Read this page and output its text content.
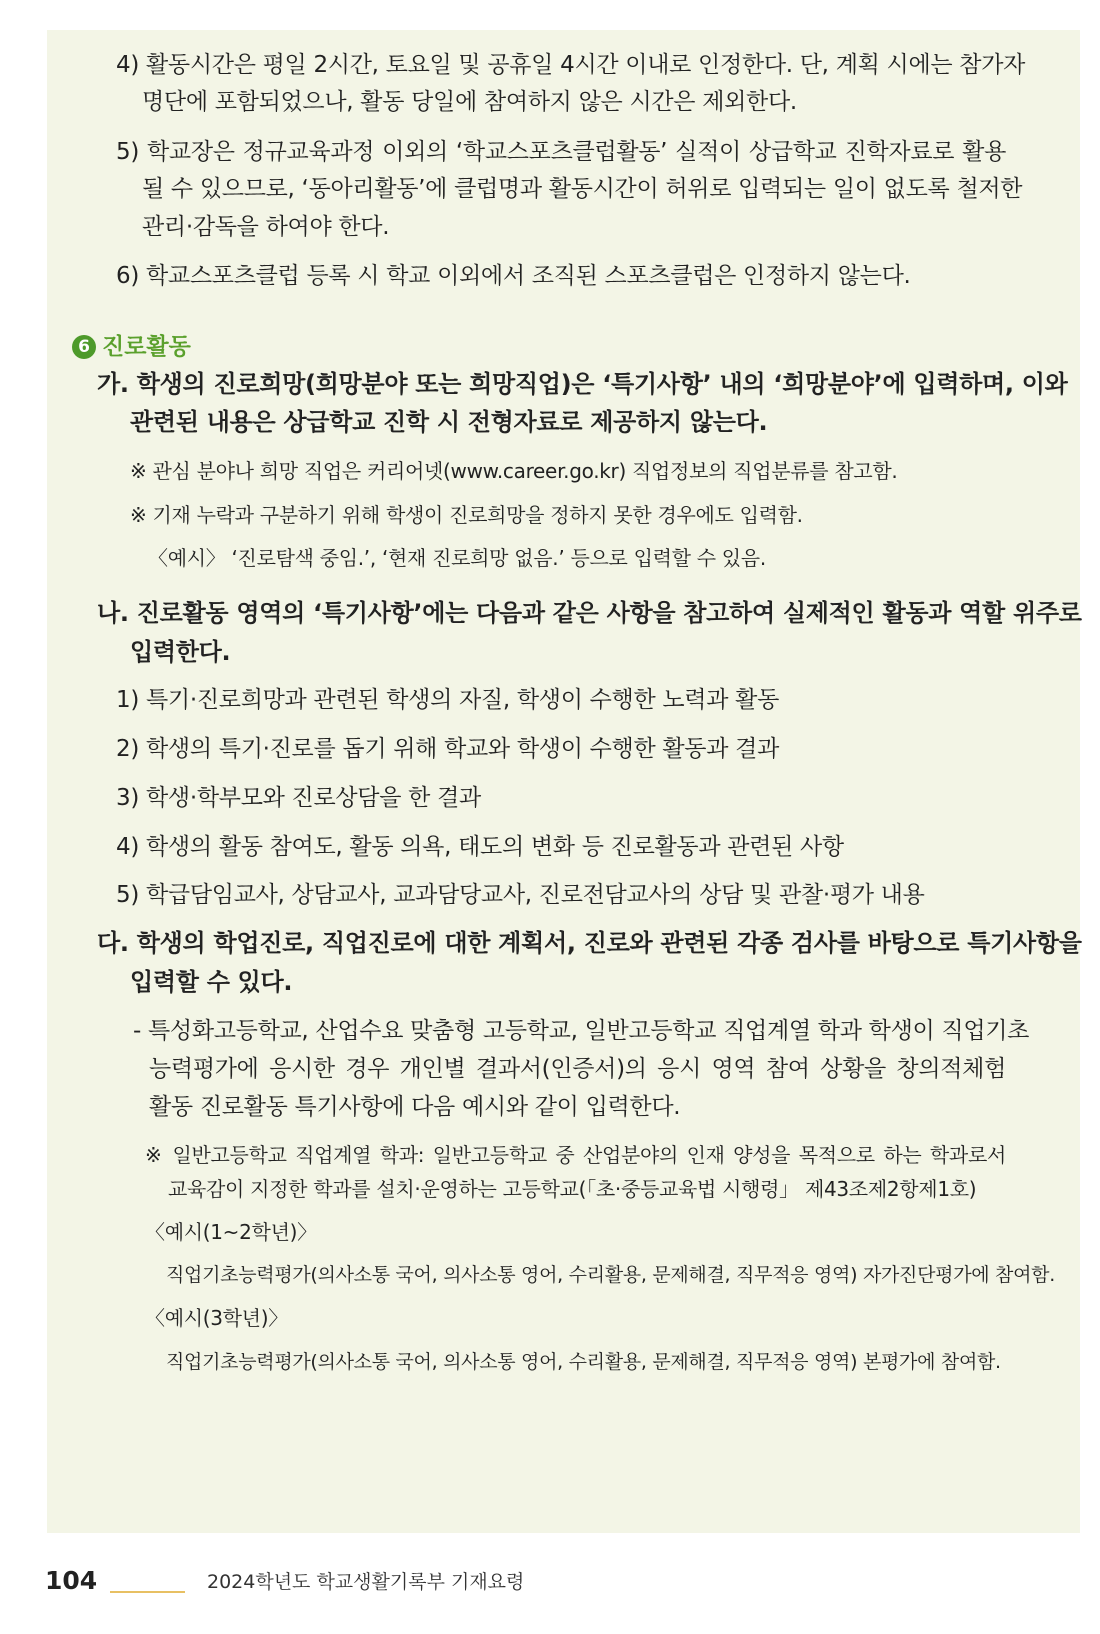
4) 활동시간은 평일 2시간, 토요일 및 공휴일 4시간 이내로 인정한다. 단, 계획 시에는 참가자

명단에 포함되었으나, 활동 당일에 참여하지 않은 시간은 제외한다.

5) 학교장은 정규교육과정 이외의 ‘학교스포츠클럽활동’ 실적이 상급학교 진학자료로 활용

될 수 있으므로, ‘동아리활동’에 클럽명과 활동시간이 허위로 입력되는 일이 없도록 철저한

관리·감독을 하여야 한다.

6) 학교스포츠클럽 등록 시 학교 이외에서 조직된 스포츠클럽은 인정하지 않는다.

6 진로활동

가. 학생의 진로희망(희망분야 또는 희망직업)은 ‘특기사항’ 내의 ‘희망분야’에 입력하며, 이와

관련된 내용은 상급학교 진학 시 전형자료로 제공하지 않는다.

※ 관심 분야나 희망 직업은 커리어넷(www.career.go.kr) 직업정보의 직업분류를 참고함.

※ 기재 누락과 구분하기 위해 학생이 진로희망을 정하지 못한 경우에도 입력함.

〈예시〉 ‘진로탐색 중임.’, ‘현재 진로희망 없음.’ 등으로 입력할 수 있음.

나. 진로활동 영역의 ‘특기사항’에는 다음과 같은 사항을 참고하여 실제적인 활동과 역할 위주로

입력한다.

1) 특기·진로희망과 관련된 학생의 자질, 학생이 수행한 노력과 활동

2) 학생의 특기·진로를 돕기 위해 학교와 학생이 수행한 활동과 결과

3) 학생·학부모와 진로상담을 한 결과

4) 학생의 활동 참여도, 활동 의욕, 태도의 변화 등 진로활동과 관련된 사항

5) 학급담임교사, 상담교사, 교과담당교사, 진로전담교사의 상담 및 관찰·평가 내용

다. 학생의 학업진로, 직업진로에 대한 계획서, 진로와 관련된 각종 검사를 바탕으로 특기사항을

입력할 수 있다.

- 특성화고등학교, 산업수요 맞춤형 고등학교, 일반고등학교 직업계열 학과 학생이 직업기초

능력평가에 응시한 경우 개인별 결과서(인증서)의 응시 영역 참여 상황을 창의적체험

활동 진로활동 특기사항에 다음 예시와 같이 입력한다.

※ 일반고등학교 직업계열 학과: 일반고등학교 중 산업분야의 인재 양성을 목적으로 하는 학과로서

교육감이 지정한 학과를 설치·운영하는 고등학교(「초·중등교육법 시행령」 제43조제2항제1호)

〈예시(1~2학년)〉

직업기초능력평가(의사소통 국어, 의사소통 영어, 수리활용, 문제해결, 직무적응 영역) 자가진단평가에 참여함.

〈예시(3학년)〉

직업기초능력평가(의사소통 국어, 의사소통 영어, 수리활용, 문제해결, 직무적응 영역) 본평가에 참여함.

104	2024학년도 학교생활기록부 기재요령
